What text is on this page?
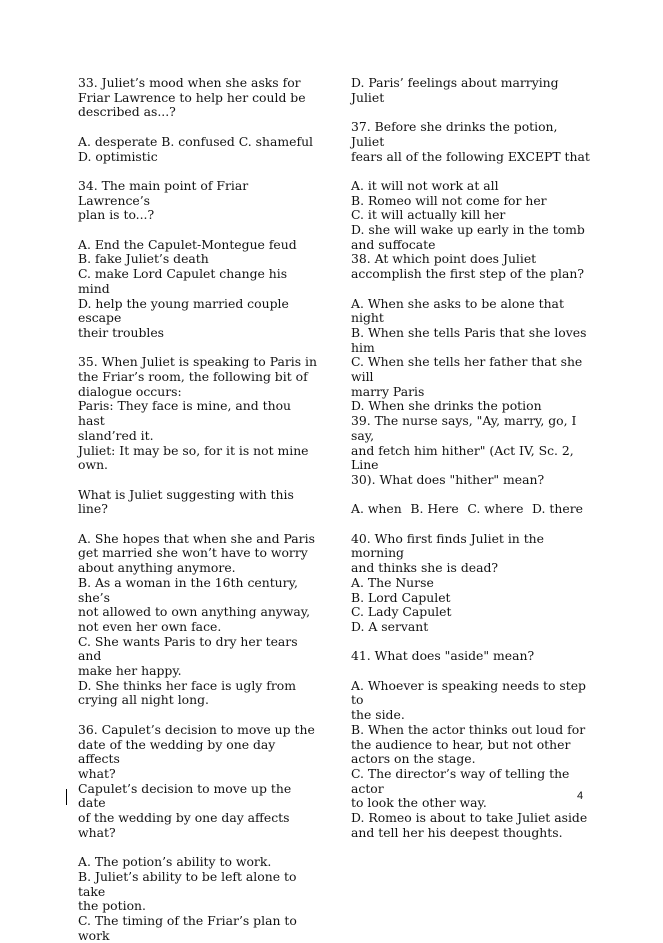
33. Juliet’s mood when she asks for

Friar Lawrence to help her could be

described as...?

A. desperate B. confused C. shameful

D. optimistic

34. The main point of Friar Lawrence’s

plan is to...?

A. End the Capulet-Montegue feud

B. fake Juliet’s death

C. make Lord Capulet change his mind

D. help the young married couple escape

their troubles

35. When Juliet is speaking to Paris in

the Friar’s room, the following bit of

dialogue occurs:

Paris: They face is mine, and thou hast

sland’red it.

Juliet: It may be so, for it is not mine

own.

What is Juliet suggesting with this line?

A. She hopes that when she and Paris

get married she won’t have to worry

about anything anymore.

B. As a woman in the 16th century, she’s

not allowed to own anything anyway,

not even her own face.

C. She wants Paris to dry her tears and

make her happy.

D. She thinks her face is ugly from

crying all night long.

36. Capulet’s decision to move up the

date of the wedding by one day affects

what?

Capulet’s decision to move up the date

of the wedding by one day affects what?

A. The potion’s ability to work.

B. Juliet’s ability to be left alone to take

the potion.

C. The timing of the Friar’s plan to work

D. Paris’ feelings about marrying Juliet

37. Before she drinks the potion, Juliet

fears all of the following EXCEPT that

A. it will not work at all

B. Romeo will not come for her

C. it will actually kill her

D. she will wake up early in the tomb

and suffocate

38. At which point does Juliet

accomplish the first step of the plan?

A. When she asks to be alone that night

B. When she tells Paris that she loves

him

C. When she tells her father that she will

marry Paris

D. When she drinks the potion

39. The nurse says, "Ay, marry, go, I say,

and fetch him hither" (Act IV, Sc. 2, Line

30). What does "hither" mean?

A. when B. Here C. where D. there

40. Who first finds Juliet in the morning

and thinks she is dead?

A. The Nurse

B. Lord Capulet

C. Lady Capulet

D. A servant

41. What does "aside" mean?

A. Whoever is speaking needs to step to

the side.

B. When the actor thinks out loud for

the audience to hear, but not other

actors on the stage.

C. The director’s way of telling the actor

to look the other way.

D. Romeo is about to take Juliet aside

and tell her his deepest thoughts.

4
